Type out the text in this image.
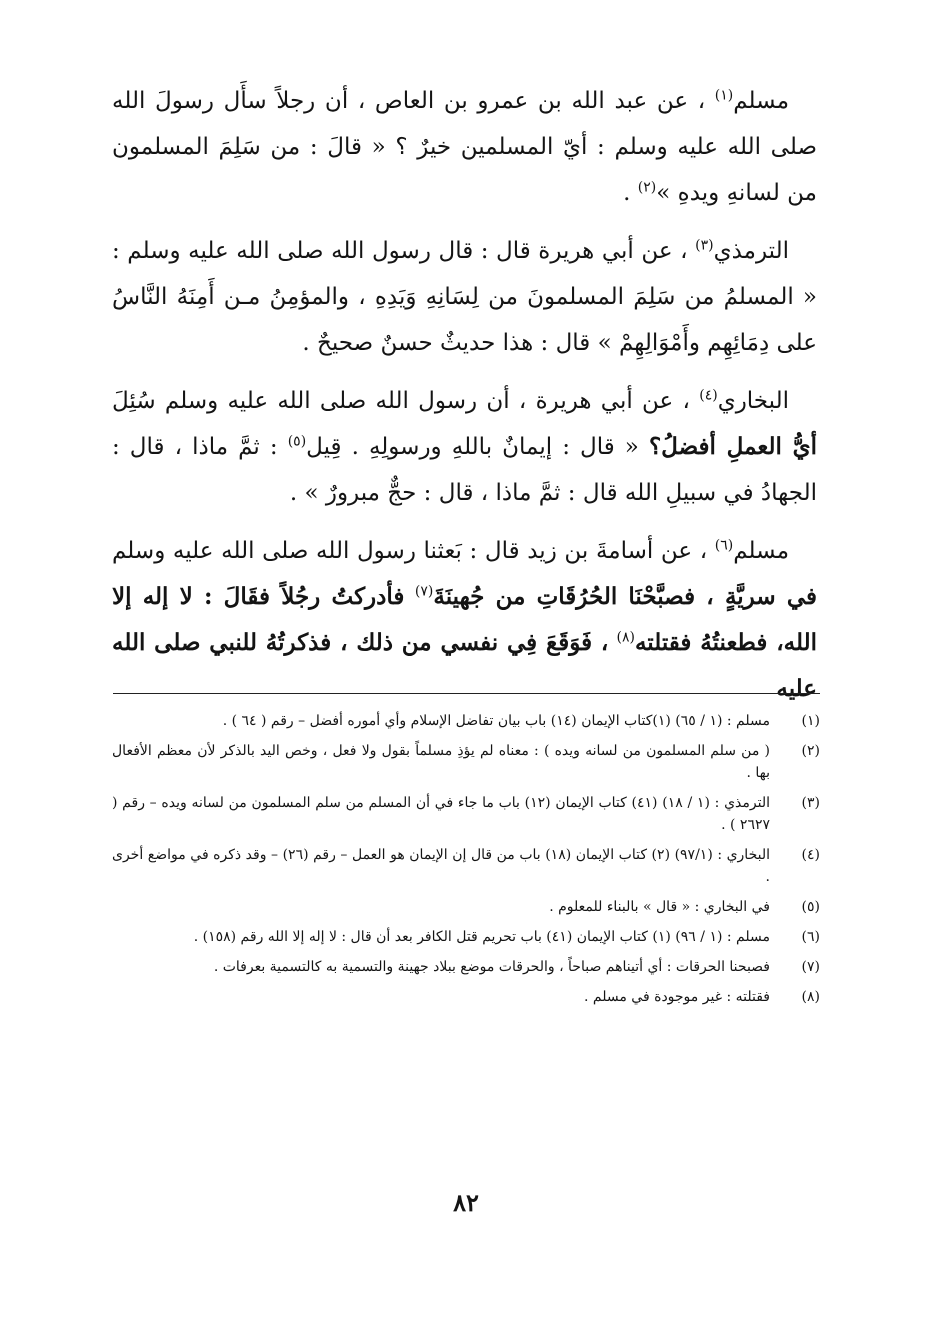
مسلم$^{(١)}$ ، عن عبد الله بن عمرو بن العاص ، أن رجلاً سأَل رسولَ الله صلى الله عليه وسلم : أيّ المسلمين خيرٌ ؟ « قالَ : من سَلِمَ المسلمون من لسانهِ ويدهِ »$^{(٢)}$ .

الترمذي$^{(٣)}$ ، عن أبي هريرة قال : قال رسول الله صلى الله عليه وسلم : « المسلمُ من سَلِمَ المسلمونَ من لِسَانِهِ وَيَدِهِ ، والمؤمِنُ مـن أَمِنَهُ النَّاسُ على دِمَائِهِم وأَمْوَالِهِمْ » قال : هذا حديثٌ حسنٌ صحيحٌ .

البخاري$^{(٤)}$ ، عن أبي هريرة ، أن رسول الله صلى الله عليه وسلم سُئِلَ أيُّ العملِ أفضلُ؟ « قال : إيمانٌ باللهِ ورسولِهِ . قِيل$^{(٥)}$ : ثمَّ ماذا ، قال : الجهادُ في سبيلِ الله قال : ثمَّ ماذا ، قال : حجٌّ مبرورٌ » .

مسلم$^{(٦)}$ ، عن أسامةَ بن زيد قال : بَعثنا رسول الله صلى الله عليه وسلم في سريَّةٍ ، فصبَّحْنَا الحُرُقَاتِ من جُهينَةَ$^{(٧)}$ فأدركتُ رجُلاً فقَالَ : لا إله إلا الله، فطعنتُهُ فقتلته$^{(٨)}$ ، فَوَقَعَ فِي نفسي من ذلك ، فذكرتُهُ للنبي صلى الله عليه

(١)
مسلم : (١ / ٦٥) (١)كتاب الإيمان (١٤) باب بيان تفاضل الإسلام وأي أموره أفضل – رقم ( ٦٤ ) .
(٢)
( من سلم المسلمون من لسانه ويده ) : معناه لم يؤذِ مسلماً بقول ولا فعل ، وخص اليد بالذكر لأن معظم الأفعال بها .
(٣)
الترمذي : (١ / ١٨) (٤١) كتاب الإيمان (١٢) باب ما جاء في أن المسلم من سلم المسلمون من لسانه ويده – رقم ( ٢٦٢٧ ) .
(٤)
البخاري : (٩٧/١) (٢) كتاب الإيمان (١٨) باب من قال إن الإيمان هو العمل – رقم (٢٦) – وقد ذكره في مواضع أخرى .
(٥)
في البخاري : « قال » بالبناء للمعلوم .
(٦)
مسلم : (١ / ٩٦) (١) كتاب الإيمان (٤١) باب تحريم قتل الكافر بعد أن قال : لا إله إلا الله رقم (١٥٨) .
(٧)
فصبحنا الحرقات : أي أتيناهم صباحاً ، والحرقات موضع ببلاد جهينة والتسمية به كالتسمية بعرفات .
(٨)
فقتلته : غير موجودة في مسلم .
٨٢
